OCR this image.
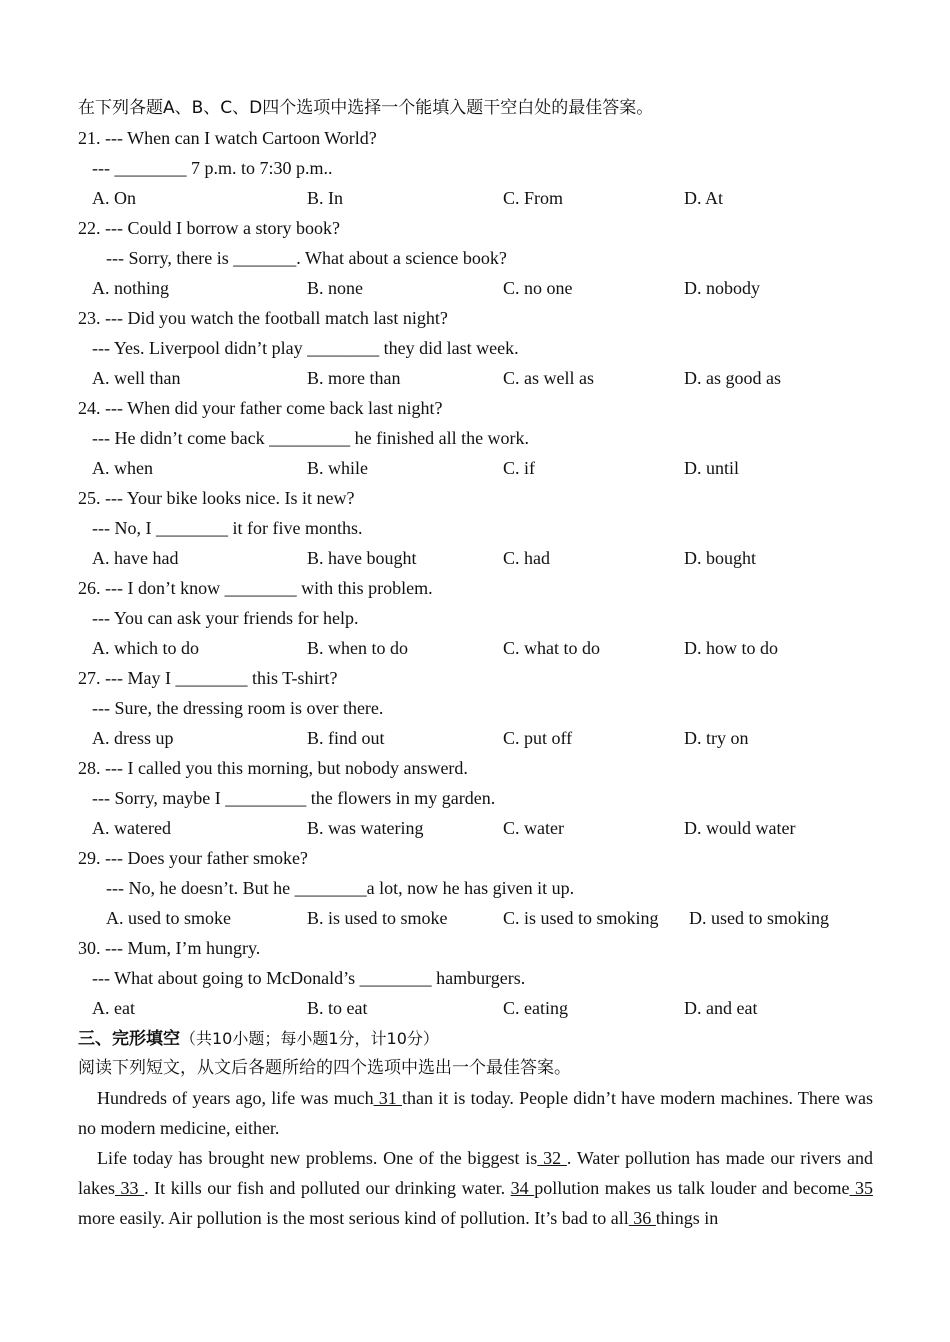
在下列各题A、B、C、D四个选项中选择一个能填入题干空白处的最佳答案。
21. --- When can I watch Cartoon World?
--- ________ 7 p.m. to 7:30 p.m..
A. On	B. In	C. From	D. At
22. --- Could I borrow a story book?
--- Sorry, there is _______. What about a science book?
A. nothing	B. none	C. no one	D. nobody
23. --- Did you watch the football match last night?
--- Yes. Liverpool didn’t play ________ they did last week.
A. well than	B. more than	C. as well as	D. as good as
24. --- When did your father come back last night?
--- He didn’t come back _________ he finished all the work.
A. when	B. while	C. if	D. until
25. --- Your bike looks nice. Is it new?
--- No, I ________ it for five months.
A. have had	B. have bought	C. had	D. bought
26. --- I don’t know ________ with this problem.
--- You can ask your friends for help.
A. which to do	B. when to do	C. what to do	D. how to do
27. --- May I ________ this T-shirt?
--- Sure, the dressing room is over there.
A. dress up	B. find out	C. put off	D. try on
28. --- I called you this morning, but nobody answerd.
--- Sorry, maybe I _________ the flowers in my garden.
A. watered	B. was watering	C. water	D. would water
29. --- Does your father smoke?
--- No, he doesn’t. But he ________a lot, now he has given it up.
A. used to smoke	B. is used to smoke	C. is used to smoking D. used to smoking
30. --- Mum, I’m hungry.
--- What about going to McDonald’s ________ hamburgers.
A. eat	B. to eat	C. eating	D. and eat
三、完形填空（共10小题；每小题1分，计10分）
阅读下列短文，从文后各题所给的四个选项中选出一个最佳答案。
Hundreds of years ago, life was much 31 than it is today. People didn’t have modern machines. There was no modern medicine, either.
Life today has brought new problems. One of the biggest is 32 . Water pollution has made our rivers and lakes 33 . It kills our fish and polluted our drinking water. 34 pollution makes us talk louder and become 35 more easily. Air pollution is the most serious kind of pollution. It’s bad to all 36 things in
